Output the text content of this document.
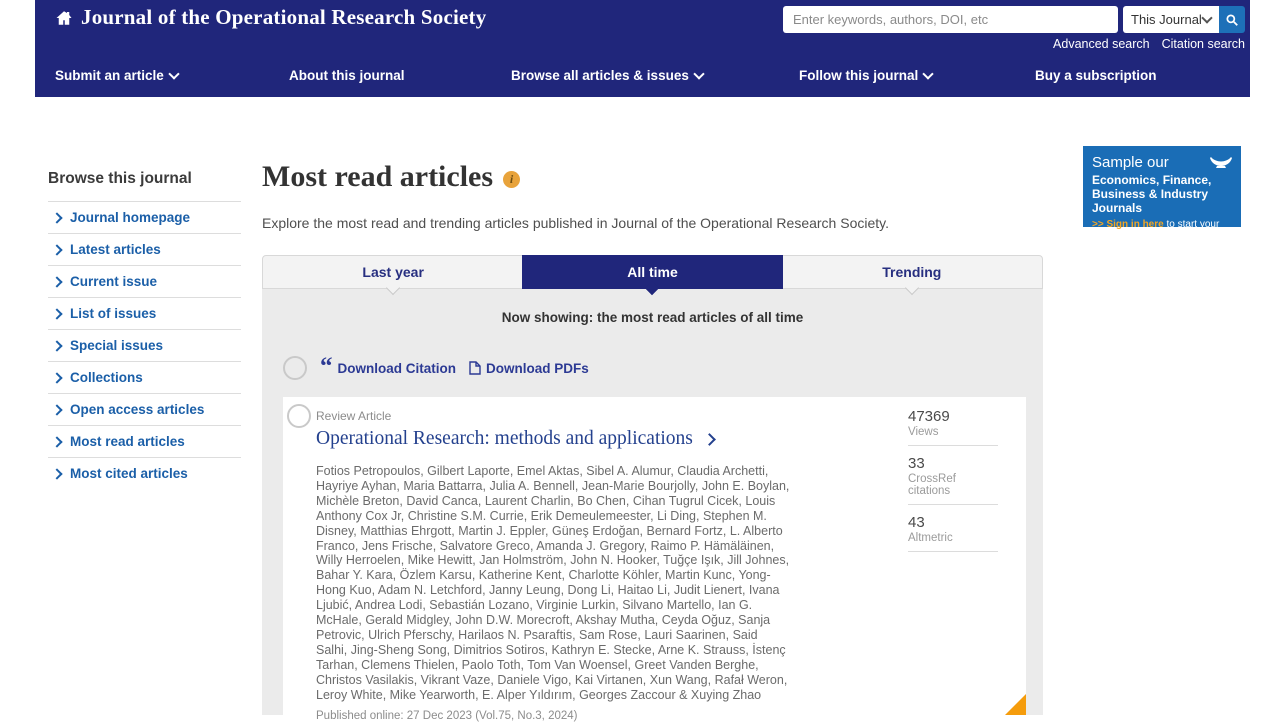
Journal of the Operational Research Society
Enter keywords, authors, DOI, etc	This Journal
Advanced search Citation search
Submit an article	About this journal	Browse all articles & issues	Follow this journal	Buy a subscription
Browse this journal
Journal homepage
Latest articles
Current issue
List of issues
Special issues
Collections
Open access articles
Most read articles
Most cited articles
Most read articles	i

Explore the most read and trending articles published in Journal of the Operational Research Society.

Last year	All time	Trending
Now showing: the most read articles of all time
“ Download Citation Download PDFs
Review Article
Operational Research: methods and applications
Fotios Petropoulos, Gilbert Laporte, Emel Aktas, Sibel A. Alumur, Claudia Archetti, Hayriye Ayhan, Maria Battarra, Julia A. Bennell, Jean-Marie Bourjolly, John E. Boylan, Michèle Breton, David Canca, Laurent Charlin, Bo Chen, Cihan Tugrul Cicek, Louis Anthony Cox Jr, Christine S.M. Currie, Erik Demeulemeester, Li Ding, Stephen M. Disney, Matthias Ehrgott, Martin J. Eppler, Güneş Erdoğan, Bernard Fortz, L. Alberto Franco, Jens Frische, Salvatore Greco, Amanda J. Gregory, Raimo P. Hämäläinen, Willy Herroelen, Mike Hewitt, Jan Holmström, John N. Hooker, Tuğçe Işık, Jill Johnes, Bahar Y. Kara, Özlem Karsu, Katherine Kent, Charlotte Köhler, Martin Kunc, Yong-Hong Kuo, Adam N. Letchford, Janny Leung, Dong Li, Haitao Li, Judit Lienert, Ivana Ljubić, Andrea Lodi, Sebastián Lozano, Virginie Lurkin, Silvano Martello, Ian G. McHale, Gerald Midgley, John D.W. Morecroft, Akshay Mutha, Ceyda Oğuz, Sanja Petrovic, Ulrich Pferschy, Harilaos N. Psaraftis, Sam Rose, Lauri Saarinen, Said Salhi, Jing-Sheng Song, Dimitrios Sotiros, Kathryn E. Stecke, Arne K. Strauss, İstenç Tarhan, Clemens Thielen, Paolo Toth, Tom Van Woensel, Greet Vanden Berghe, Christos Vasilakis, Vikrant Vaze, Daniele Vigo, Kai Virtanen, Xun Wang, Rafał Weron, Leroy White, Mike Yearworth, E. Alper Yıldırım, Georges Zaccour & Xuying Zhao
Published online: 27 Dec 2023 (Vol.75, No.3, 2024)
47369
Views
33
CrossRef citations
43
Altmetric
Sample our
Economics, Finance,
Business & Industry Journals
>> Sign in here to start your access to the latest two volumes for 14 days
